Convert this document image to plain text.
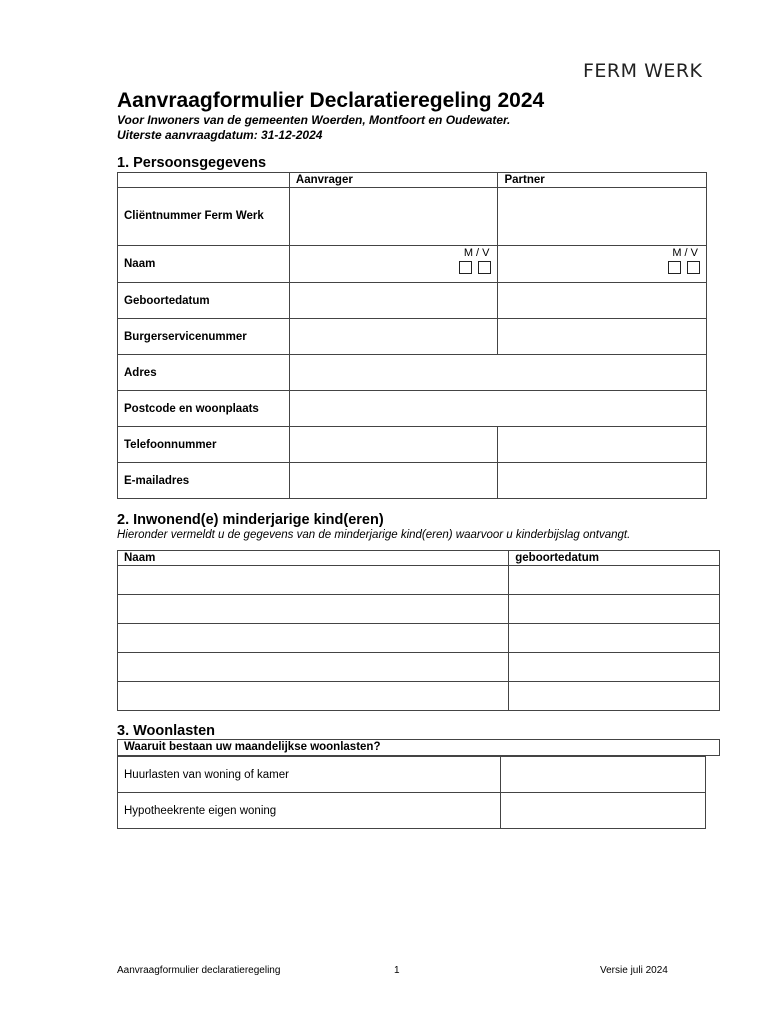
FERM WERK
Aanvraagformulier Declaratieregeling 2024
Voor Inwoners van de gemeenten Woerden, Montfoort en Oudewater.
Uiterste aanvraagdatum: 31-12-2024
1. Persoonsgegevens
	Aanvrager	Partner

Cliëntnummer Ferm Werk		

Naam	M / V	M / V

Geboortedatum		
Burgerservicenummer		
Adres		
Postcode en woonplaats		
Telefoonnummer		
E-mailadres		
2. Inwonend(e) minderjarige kind(eren)
Hieronder vermeldt u de gegevens van de minderjarige kind(eren) waarvoor u kinderbijslag ontvangt.
Naam	geboortedatum

3. Woonlasten
Waaruit bestaan uw maandelijkse woonlasten?
Huurlasten van woning of kamer	
Hypotheekrente eigen woning	
Aanvraagformulier declaratieregeling	1	Versie juli 2024
